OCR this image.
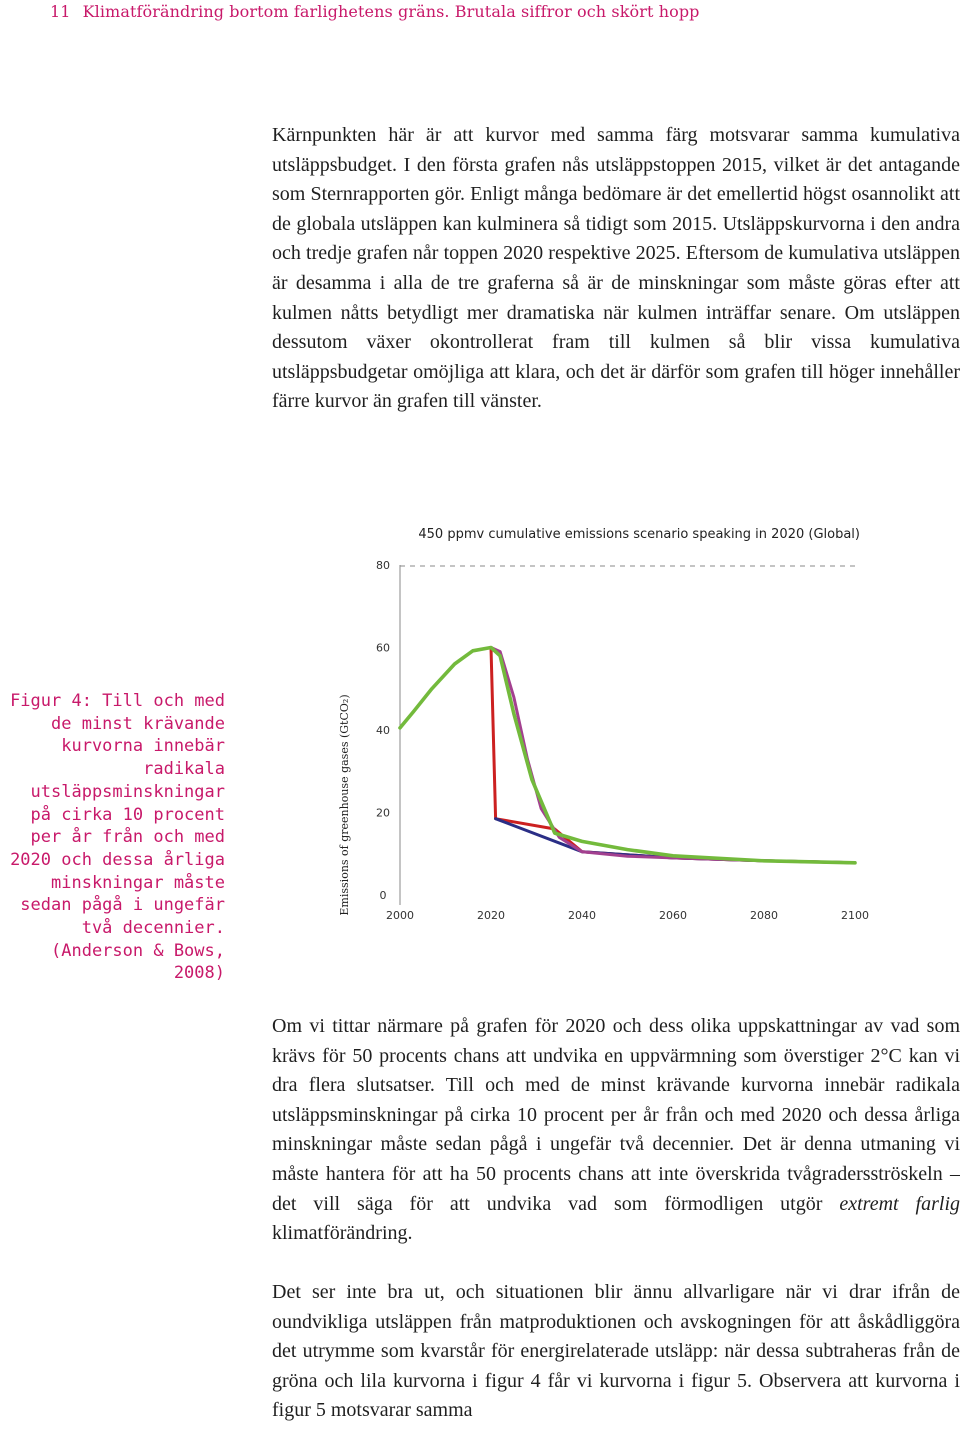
11 Klimatförändring bortom farlighetens gräns. Brutala siffror och skört hopp

Kärnpunkten här är att kurvor med samma färg motsvarar samma kumulativa utsläppsbudget. I den första grafen nås utsläppstoppen 2015, vilket är det antagande som Sternrapporten gör. Enligt många bedömare är det emellertid högst osannolikt att de globala utsläppen kan kulminera så tidigt som 2015. Utsläppskurvorna i den andra och tredje grafen når toppen 2020 respektive 2025. Eftersom de kumulativa utsläppen är desamma i alla de tre graferna så är de minskningar som måste göras efter att kulmen nåtts betydligt mer dramatiska när kulmen inträffar senare. Om utsläppen dessutom växer okontrollerat fram till kulmen så blir vissa kumulativa utsläppsbudgetar omöjliga att klara, och det är därför som grafen till höger innehåller färre kurvor än grafen till vänster.

450 ppmv cumulative emissions scenario speaking in 2020 (Global)
Emissions of greenhouse gases (GtCO₂)	0
20
40
60
80
2000	2020	2040	2060	2080	2100

Figur 4: Till och med de minst krävande kurvorna innebär radikala utsläppsminskningar på cirka 10 procent per år från och med 2020 och dessa årliga minskningar måste sedan pågå i ungefär två decennier. (Anderson & Bows, 2008)

Om vi tittar närmare på grafen för 2020 och dess olika uppskattningar av vad som krävs för 50 procents chans att undvika en uppvärmning som överstiger 2°C kan vi dra flera slutsatser. Till och med de minst krävande kurvorna innebär radikala utsläppsminskningar på cirka 10 procent per år från och med 2020 och dessa årliga minskningar måste sedan pågå i ungefär två decennier. Det är denna utmaning vi måste hantera för att ha 50 procents chans att inte överskrida tvågradersströskeln – det vill säga för att undvika vad som förmodligen utgör extremt farlig klimatförändring.

Det ser inte bra ut, och situationen blir ännu allvarligare när vi drar ifrån de oundvikliga utsläppen från matproduktionen och avskogningen för att åskådliggöra det utrymme som kvarstår för energirelaterade utsläpp: när dessa subtraheras från de gröna och lila kurvorna i figur 4 får vi kurvorna i figur 5. Observera att kurvorna i figur 5 motsvarar samma
